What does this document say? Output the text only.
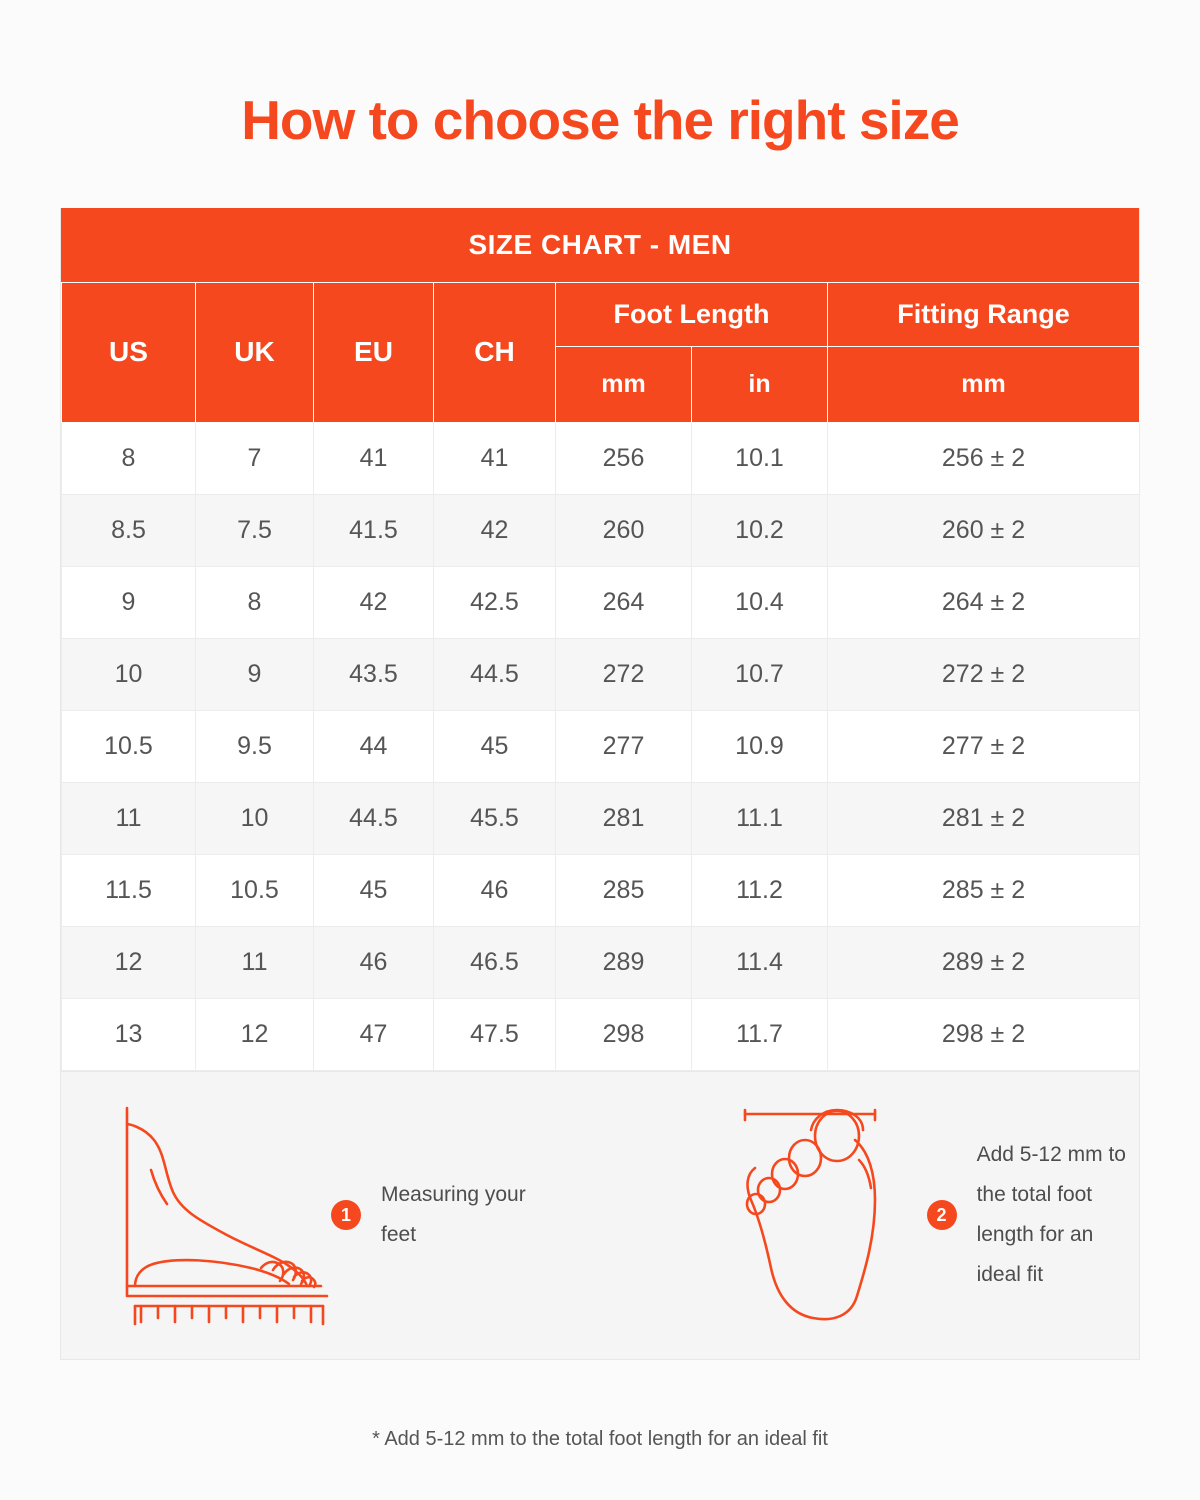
How to choose the right size
SIZE CHART - MEN
US	UK	EU	CH	Foot Length		Fitting Range
				mm	in	mm
8	7	41	41	256	10.1	256 ± 2
8.5	7.5	41.5	42	260	10.2	260 ± 2
9	8	42	42.5	264	10.4	264 ± 2
10	9	43.5	44.5	272	10.7	272 ± 2
10.5	9.5	44	45	277	10.9	277 ± 2
11	10	44.5	45.5	281	11.1	281 ± 2
11.5	10.5	45	46	285	11.2	285 ± 2
12	11	46	46.5	289	11.4	289 ± 2
13	12	47	47.5	298	11.7	298 ± 2
1
Measuring your feet
2
Add 5-12 mm to the total foot length for an ideal fit
* Add 5-12 mm to the total foot length for an ideal fit
